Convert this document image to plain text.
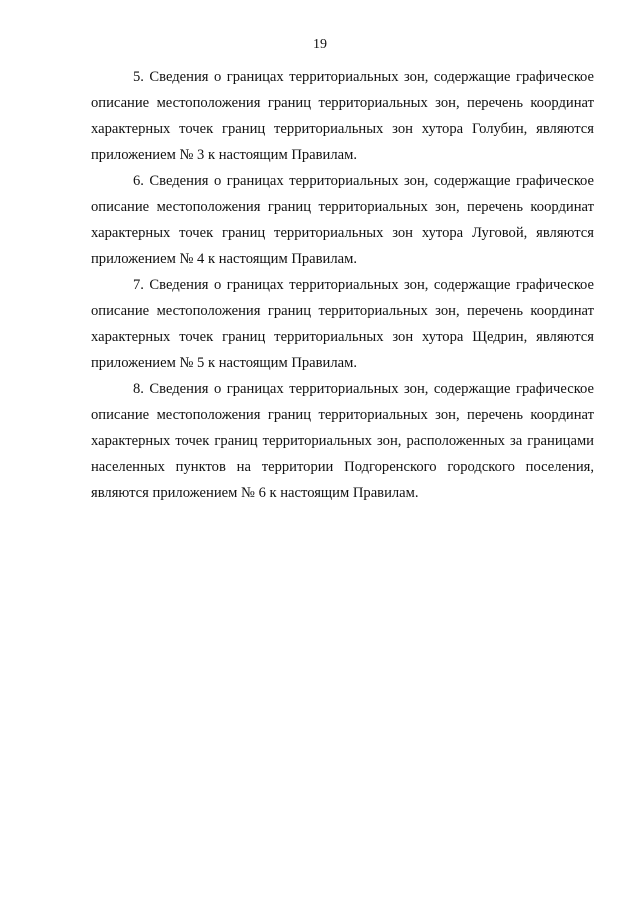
19

5. Сведения о границах территориальных зон, содержащие графическое описание местоположения границ территориальных зон, перечень координат характерных точек границ территориальных зон хутора Голубин, являются приложением № 3 к настоящим Правилам.

6. Сведения о границах территориальных зон, содержащие графическое описание местоположения границ территориальных зон, перечень координат характерных точек границ территориальных зон хутора Луговой, являются приложением № 4 к настоящим Правилам.

7. Сведения о границах территориальных зон, содержащие графическое описание местоположения границ территориальных зон, перечень координат характерных точек границ территориальных зон хутора Щедрин, являются приложением № 5 к настоящим Правилам.

8. Сведения о границах территориальных зон, содержащие графическое описание местоположения границ территориальных зон, перечень координат характерных точек границ территориальных зон, расположенных за границами населенных пунктов на территории Подгоренского городского поселения, являются приложением № 6 к настоящим Правилам.
